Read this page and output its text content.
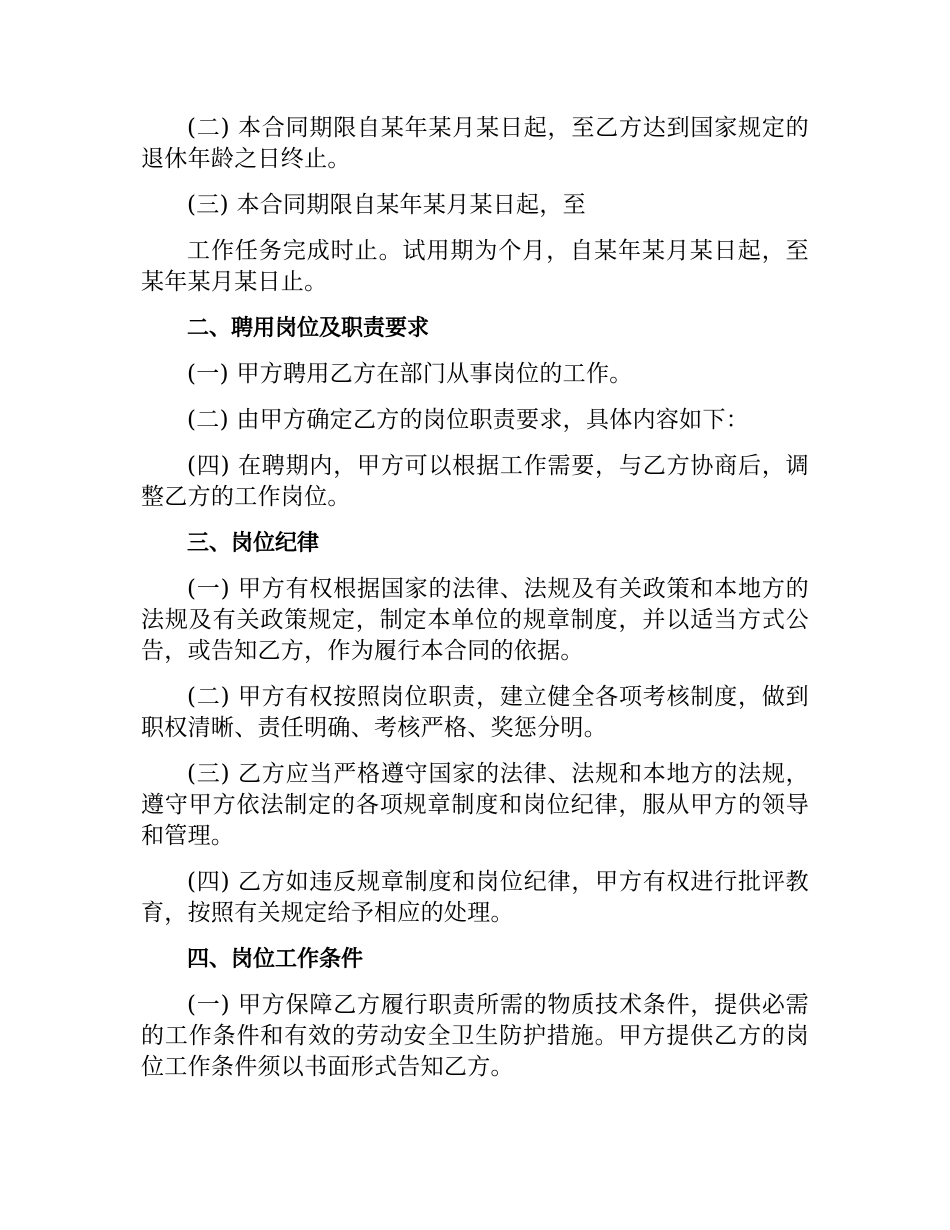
(二) 本合同期限自某年某月某日起，至乙方达到国家规定的退休年龄之日终止。

(三) 本合同期限自某年某月某日起，至

工作任务完成时止。试用期为个月，自某年某月某日起，至某年某月某日止。

二、聘用岗位及职责要求

(一) 甲方聘用乙方在部门从事岗位的工作。

(二) 由甲方确定乙方的岗位职责要求，具体内容如下：

(四) 在聘期内，甲方可以根据工作需要，与乙方协商后，调整乙方的工作岗位。

三、岗位纪律

(一) 甲方有权根据国家的法律、法规及有关政策和本地方的法规及有关政策规定，制定本单位的规章制度，并以适当方式公告，或告知乙方，作为履行本合同的依据。

(二) 甲方有权按照岗位职责，建立健全各项考核制度，做到职权清晰、责任明确、考核严格、奖惩分明。

(三) 乙方应当严格遵守国家的法律、法规和本地方的法规，遵守甲方依法制定的各项规章制度和岗位纪律，服从甲方的领导和管理。

(四) 乙方如违反规章制度和岗位纪律，甲方有权进行批评教育，按照有关规定给予相应的处理。

四、岗位工作条件

(一) 甲方保障乙方履行职责所需的物质技术条件，提供必需的工作条件和有效的劳动安全卫生防护措施。甲方提供乙方的岗位工作条件须以书面形式告知乙方。
